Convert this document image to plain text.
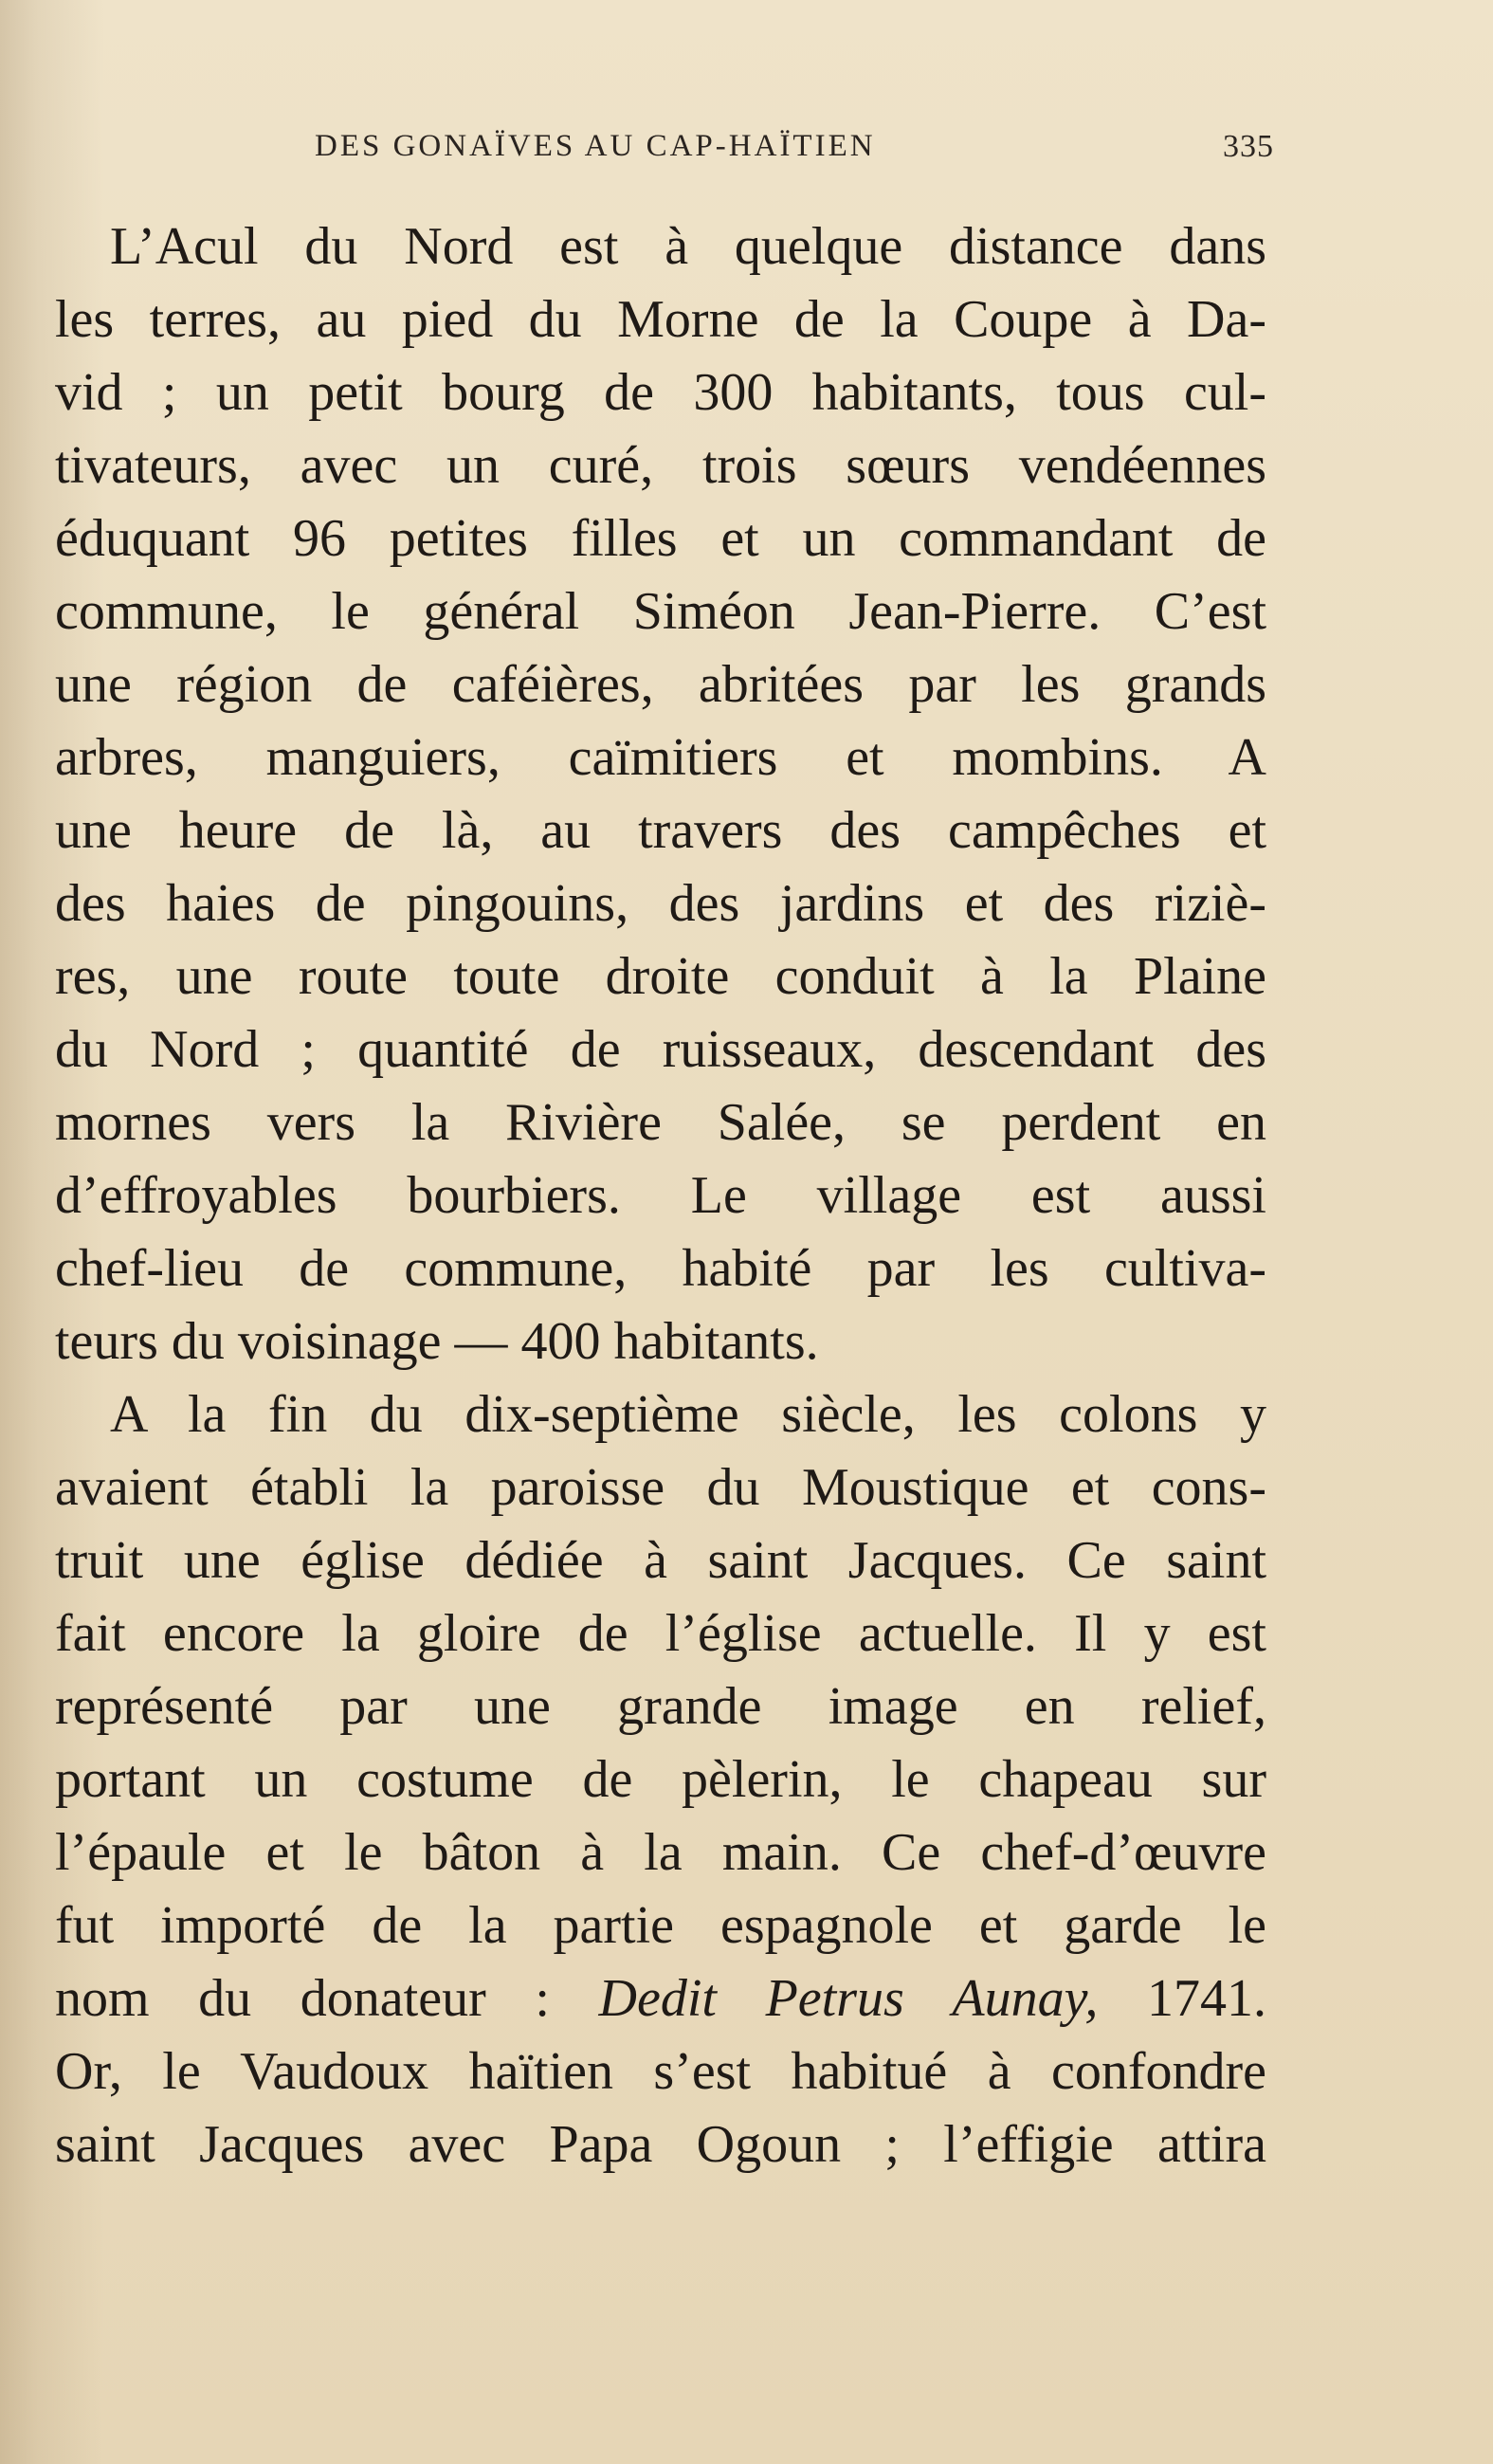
DES GONAÏVES AU CAP-HAÏTIEN	335
L’Acul du Nord est à quelque distance dans
les terres, au pied du Morne de la Coupe à Da-
vid ; un petit bourg de 300 habitants, tous cul-
tivateurs, avec un curé, trois sœurs vendéennes
éduquant 96 petites filles et un commandant de
commune, le général Siméon Jean-Pierre. C’est
une région de caféières, abritées par les grands
arbres, manguiers, caïmitiers et mombins. A
une heure de là, au travers des campêches et
des haies de pingouins, des jardins et des riziè-
res, une route toute droite conduit à la Plaine
du Nord ; quantité de ruisseaux, descendant des
mornes vers la Rivière Salée, se perdent en
d’effroyables bourbiers. Le village est aussi
chef-lieu de commune, habité par les cultiva-
teurs du voisinage — 400 habitants.
A la fin du dix-septième siècle, les colons y
avaient établi la paroisse du Moustique et cons-
truit une église dédiée à saint Jacques. Ce saint
fait encore la gloire de l’église actuelle. Il y est
représenté par une grande image en relief,
portant un costume de pèlerin, le chapeau sur
l’épaule et le bâton à la main. Ce chef-d’œuvre
fut importé de la partie espagnole et garde le
nom du donateur : Dedit Petrus Aunay, 1741.
Or, le Vaudoux haïtien s’est habitué à confondre
saint Jacques avec Papa Ogoun ; l’effigie attira
